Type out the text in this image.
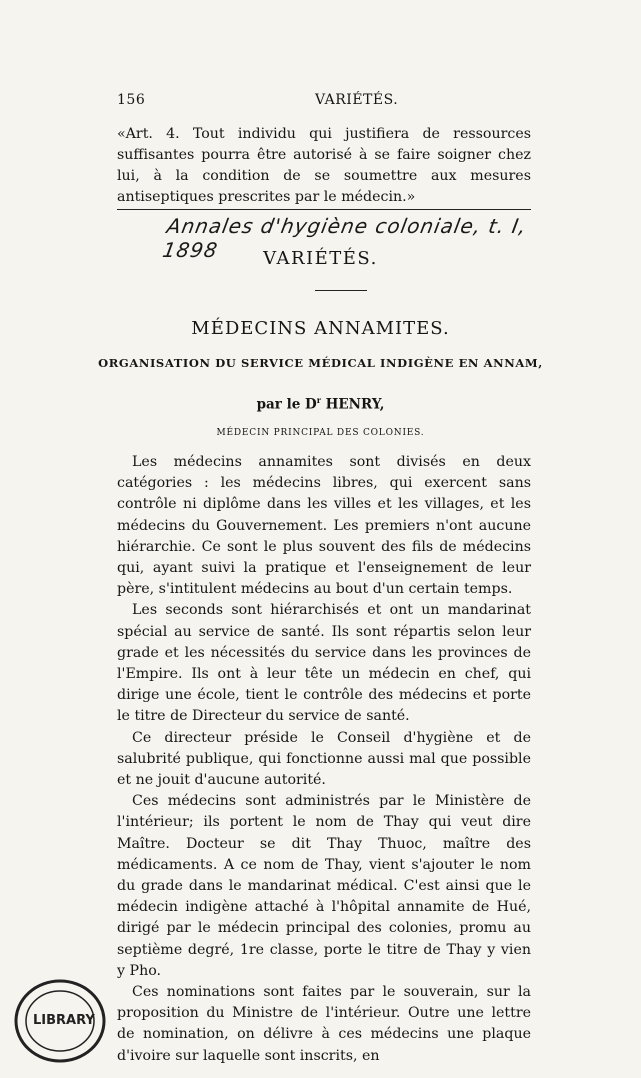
156	VARIÉTÉS.
«Art. 4. Tout individu qui justifiera de ressources suffisantes pourra être autorisé à se faire soigner chez lui, à la condition de se soumettre aux mesures antiseptiques prescrites par le médecin.»
Annales d'hygiène coloniale, t. I, 1898	VARIÉTÉS.
MÉDECINS ANNAMITES.
ORGANISATION DU SERVICE MÉDICAL INDIGÈNE EN ANNAM,
par le $D^r$ HENRY,
MÉDECIN PRINCIPAL DES COLONIES.

Les médecins annamites sont divisés en deux catégories : les médecins libres, qui exercent sans contrôle ni diplôme dans les villes et les villages, et les médecins du Gouvernement. Les premiers n'ont aucune hiérarchie. Ce sont le plus souvent des fils de médecins qui, ayant suivi la pratique et l'enseignement de leur père, s'intitulent médecins au bout d'un certain temps.

Les seconds sont hiérarchisés et ont un mandarinat spécial au service de santé. Ils sont répartis selon leur grade et les nécessités du service dans les provinces de l'Empire. Ils ont à leur tête un médecin en chef, qui dirige une école, tient le contrôle des médecins et porte le titre de Directeur du service de santé.

Ce directeur préside le Conseil d'hygiène et de salubrité publique, qui fonctionne aussi mal que possible et ne jouit d'aucune autorité.

Ces médecins sont administrés par le Ministère de l'intérieur; ils portent le nom de Thay qui veut dire Maître. Docteur se dit Thay Thuoc, maître des médicaments. A ce nom de Thay, vient s'ajouter le nom du grade dans le mandarinat médical. C'est ainsi que le médecin indigène attaché à l'hôpital annamite de Hué, dirigé par le médecin principal des colonies, promu au septième degré, 1re classe, porte le titre de Thay y vien y Pho.

Ces nominations sont faites par le souverain, sur la proposition du Ministre de l'intérieur. Outre une lettre de nomination, on délivre à ces médecins une plaque d'ivoire sur laquelle sont inscrits, en

LIBRARY
